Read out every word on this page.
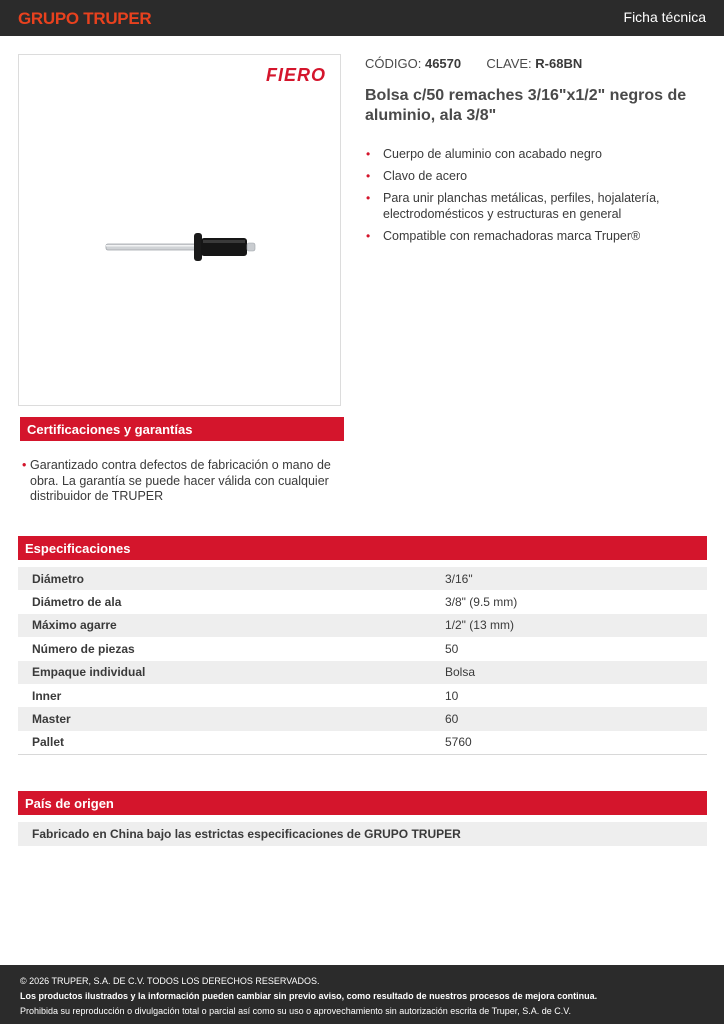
GRUPO TRUPER	Ficha técnica
FIERO
CÓDIGO: 46570 CLAVE: R-68BN
Bolsa c/50 remaches 3/16"x1/2" negros de aluminio, ala 3/8"
• Cuerpo de aluminio con acabado negro
• Clavo de acero
• Para unir planchas metálicas, perfiles, hojalatería, electrodomésticos y estructuras en general
• Compatible con remachadoras marca Truper®
Certificaciones y garantías
• Garantizado contra defectos de fabricación o mano de obra. La garantía se puede hacer válida con cualquier distribuidor de TRUPER
Especificaciones
Diámetro	3/16"
Diámetro de ala	3/8" (9.5 mm)
Máximo agarre	1/2" (13 mm)
Número de piezas	50
Empaque individual	Bolsa
Inner	10
Master	60
Pallet	5760
País de origen
Fabricado en China bajo las estrictas especificaciones de GRUPO TRUPER
© 2026 TRUPER, S.A. DE C.V. TODOS LOS DERECHOS RESERVADOS.
Los productos ilustrados y la información pueden cambiar sin previo aviso, como resultado de nuestros procesos de mejora continua.
Prohibida su reproducción o divulgación total o parcial así como su uso o aprovechamiento sin autorización escrita de Truper, S.A. de C.V.
